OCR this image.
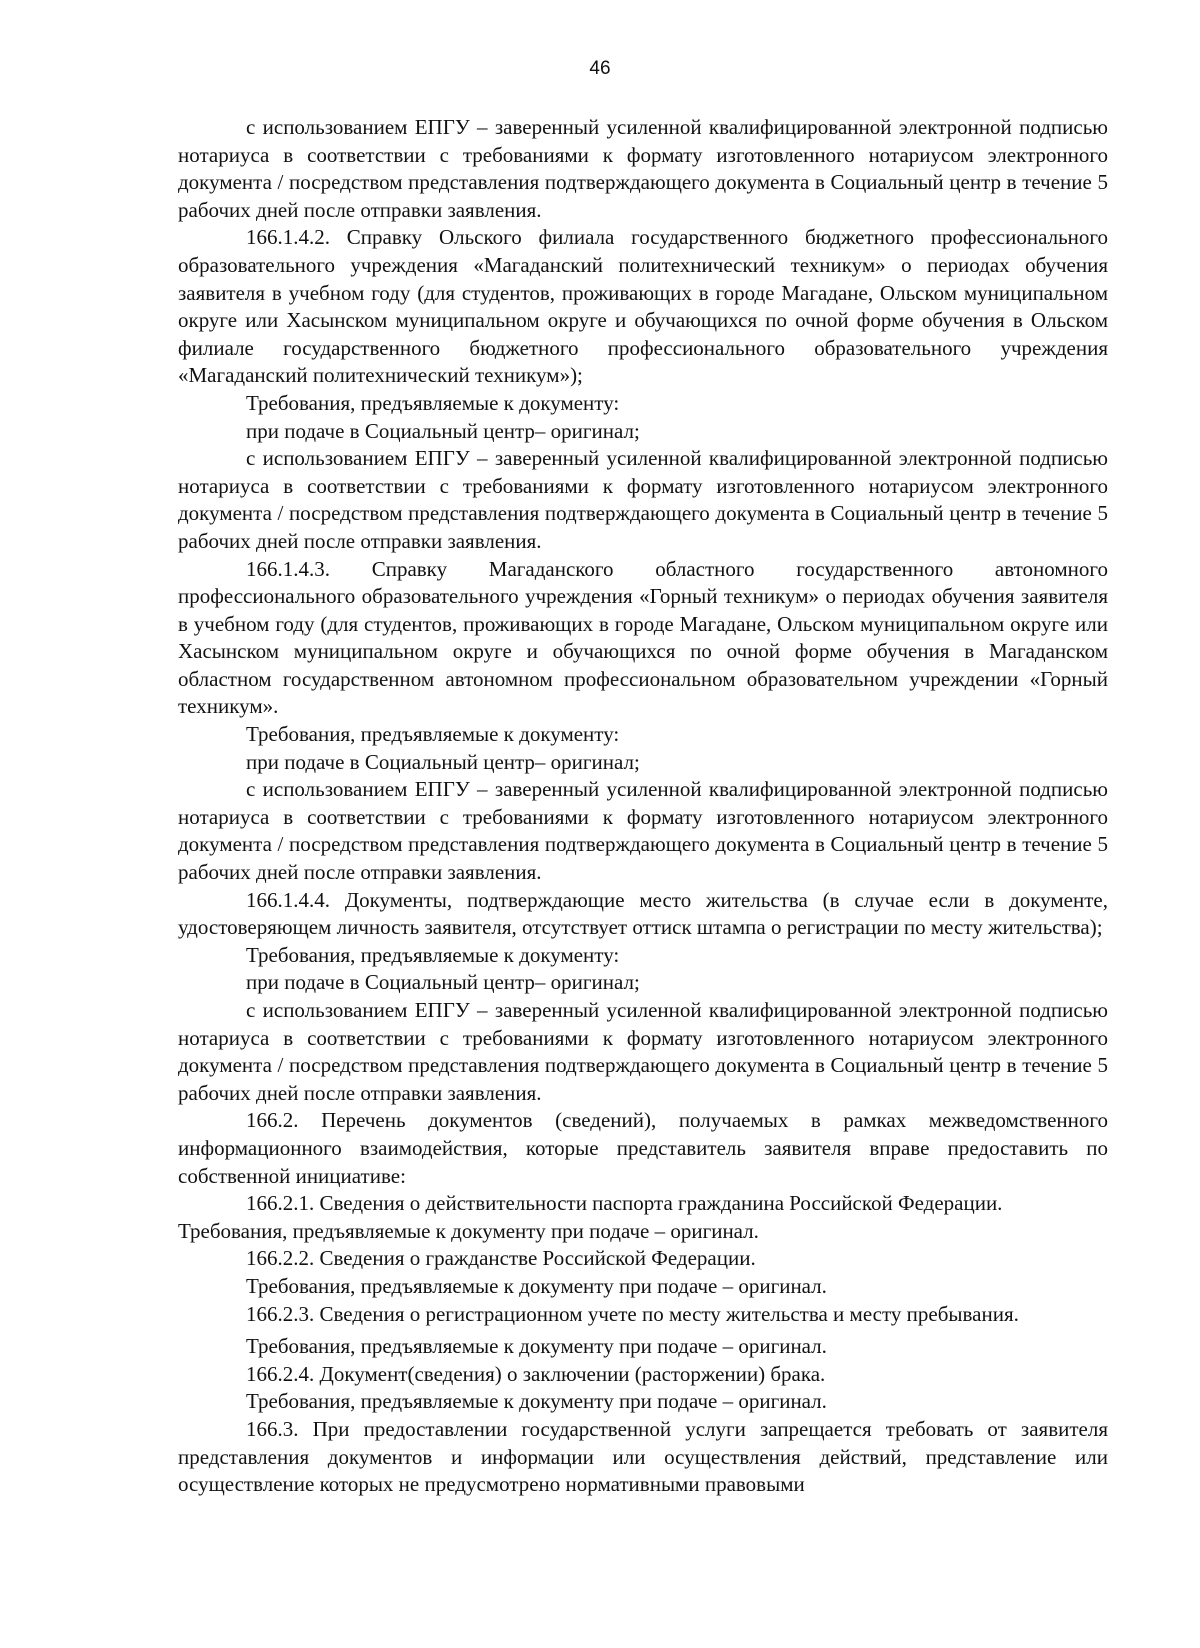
46

с использованием ЕПГУ – заверенный усиленной квалифицированной электронной подписью нотариуса в соответствии с требованиями к формату изготовленного нотариусом электронного документа / посредством представления подтверждающего документа в Социальный центр в течение 5 рабочих дней после отправки заявления.

166.1.4.2. Справку Ольского филиала государственного бюджетного профессионального образовательного учреждения «Магаданский политехнический техникум» о периодах обучения заявителя в учебном году (для студентов, проживающих в городе Магадане, Ольском муниципальном округе или Хасынском муниципальном округе и обучающихся по очной форме обучения в Ольском филиале государственного бюджетного профессионального образовательного учреждения «Магаданский политехнический техникум»);

Требования, предъявляемые к документу:

при подаче в Социальный центр– оригинал;

с использованием ЕПГУ – заверенный усиленной квалифицированной электронной подписью нотариуса в соответствии с требованиями к формату изготовленного нотариусом электронного документа / посредством представления подтверждающего документа в Социальный центр в течение 5 рабочих дней после отправки заявления.

166.1.4.3. Справку Магаданского областного государственного автономного профессионального образовательного учреждения «Горный техникум» о периодах обучения заявителя в учебном году (для студентов, проживающих в городе Магадане, Ольском муниципальном округе или Хасынском муниципальном округе и обучающихся по очной форме обучения в Магаданском областном государственном автономном профессиональном образовательном учреждении «Горный техникум».

Требования, предъявляемые к документу:

при подаче в Социальный центр– оригинал;

с использованием ЕПГУ – заверенный усиленной квалифицированной электронной подписью нотариуса в соответствии с требованиями к формату изготовленного нотариусом электронного документа / посредством представления подтверждающего документа в Социальный центр в течение 5 рабочих дней после отправки заявления.

166.1.4.4. Документы, подтверждающие место жительства (в случае если в документе, удостоверяющем личность заявителя, отсутствует оттиск штампа о регистрации по месту жительства);

Требования, предъявляемые к документу:

при подаче в Социальный центр– оригинал;

с использованием ЕПГУ – заверенный усиленной квалифицированной электронной подписью нотариуса в соответствии с требованиями к формату изготовленного нотариусом электронного документа / посредством представления подтверждающего документа в Социальный центр в течение 5 рабочих дней после отправки заявления.

166.2. Перечень документов (сведений), получаемых в рамках межведомственного информационного взаимодействия, которые представитель заявителя вправе предоставить по собственной инициативе:

166.2.1. Сведения о действительности паспорта гражданина Российской Федерации.

Требования, предъявляемые к документу при подаче – оригинал.

166.2.2. Сведения о гражданстве Российской Федерации.

Требования, предъявляемые к документу при подаче – оригинал.

166.2.3. Сведения о регистрационном учете по месту жительства и месту пребывания.

Требования, предъявляемые к документу при подаче – оригинал.

166.2.4. Документ(сведения) о заключении (расторжении) брака.

Требования, предъявляемые к документу при подаче – оригинал.

166.3. При предоставлении государственной услуги запрещается требовать от заявителя представления документов и информации или осуществления действий, представление или осуществление которых не предусмотрено нормативными правовыми
